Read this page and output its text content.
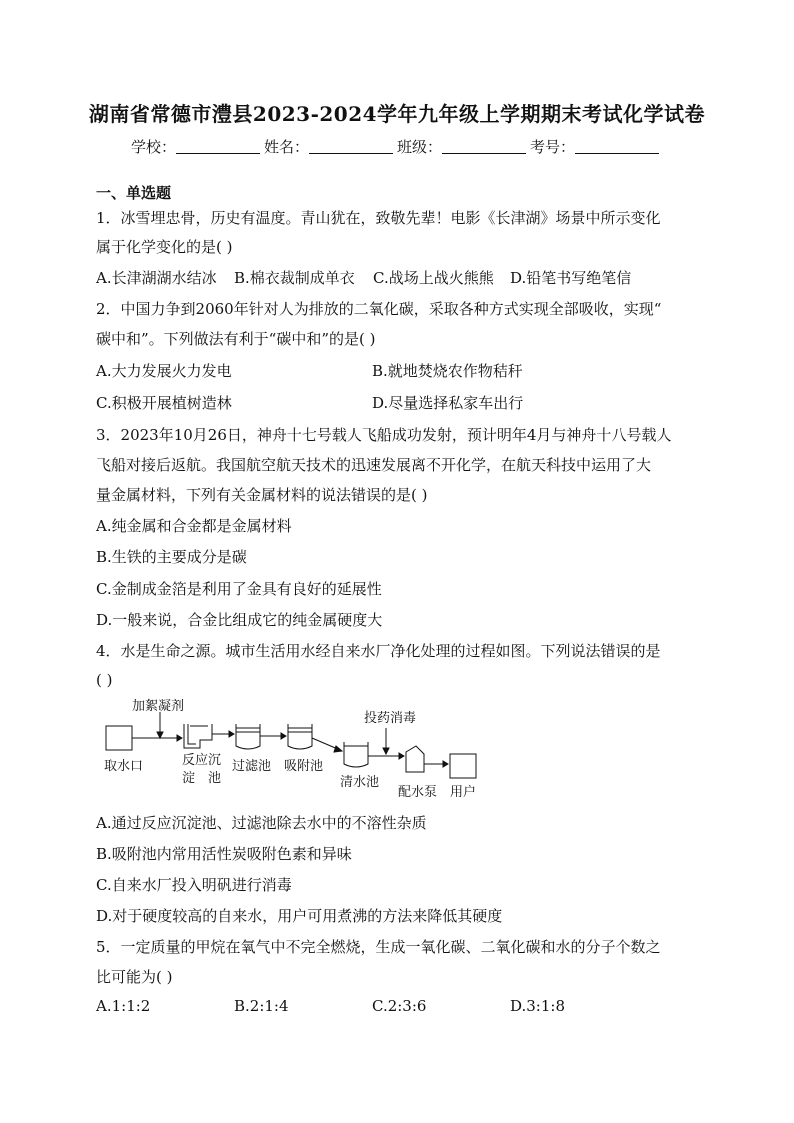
湖南省常德市澧县2023-2024学年九年级上学期期末考试化学试卷
学校：	姓名：	班级：	考号：
一、单选题
1．冰雪埋忠骨，历史有温度。青山犹在，致敬先辈！电影《长津湖》场景中所示变化
属于化学变化的是( )
A.长津湖湖水结冰 B.棉衣裁制成单衣 C.战场上战火熊熊 D.铅笔书写绝笔信
2．中国力争到2060年针对人为排放的二氧化碳，采取各种方式实现全部吸收，实现“
碳中和”。下列做法有利于“碳中和”的是( )
A.大力发展火力发电	B.就地焚烧农作物秸秆
C.积极开展植树造林	D.尽量选择私家车出行
3．2023年10月26日，神舟十七号载人飞船成功发射，预计明年4月与神舟十八号载人
飞船对接后返航。我国航空航天技术的迅速发展离不开化学，在航天科技中运用了大
量金属材料，下列有关金属材料的说法错误的是( )
A.纯金属和合金都是金属材料
B.生铁的主要成分是碳
C.金制成金箔是利用了金具有良好的延展性
D.一般来说，合金比组成它的纯金属硬度大
4．水是生命之源。城市生活用水经自来水厂净化处理的过程如图。下列说法错误的是
( )
加絮凝剂
取水口	反应沉
淀　池
过滤池 吸附池
投药消毒
清水池
配水泵 用户
A.通过反应沉淀池、过滤池除去水中的不溶性杂质
B.吸附池内常用活性炭吸附色素和异味
C.自来水厂投入明矾进行消毒
D.对于硬度较高的自来水，用户可用煮沸的方法来降低其硬度
5．一定质量的甲烷在氧气中不完全燃烧，生成一氧化碳、二氧化碳和水的分子个数之
比可能为( )
A.1:1:2	B.2:1:4	C.2:3:6	D.3:1:8
